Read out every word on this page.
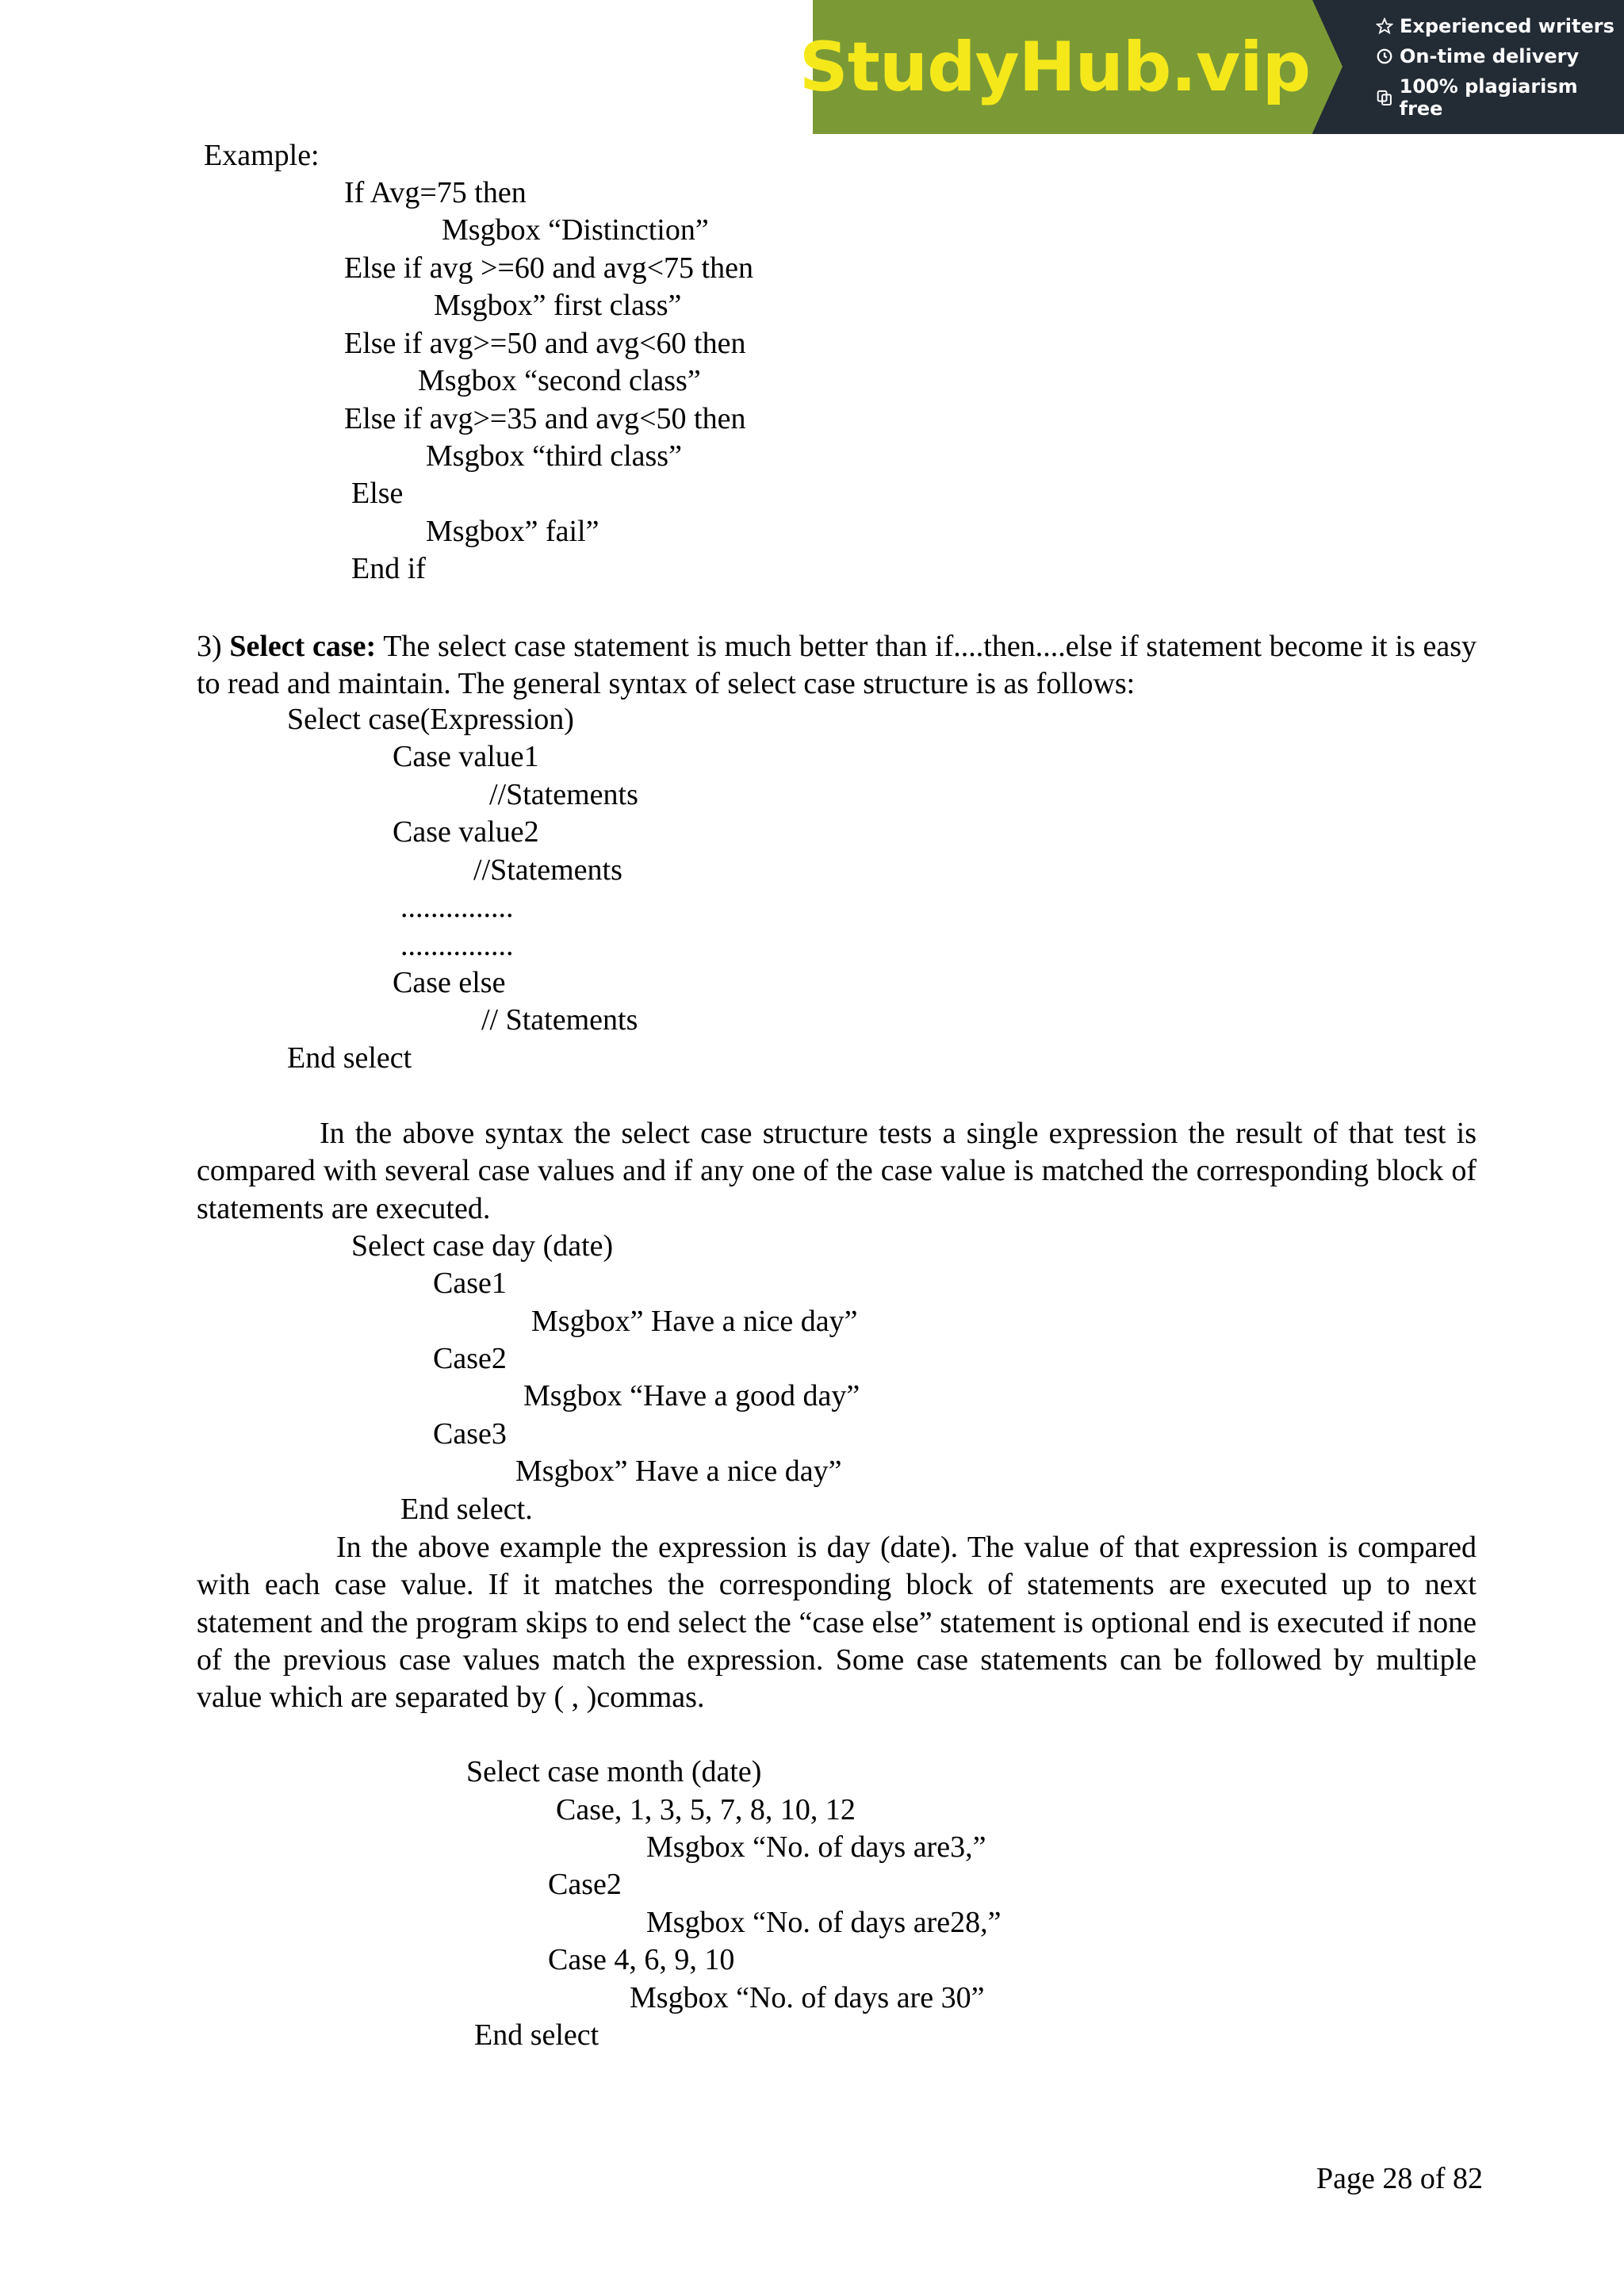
StudyHub.vip
Experienced writers
On-time delivery
100% plagiarism free
Example:
If Avg=75 then
Msgbox “Distinction”
Else if avg >=60 and avg<75 then
Msgbox” first class”
Else if avg>=50 and avg<60 then
Msgbox “second class”
Else if avg>=35 and avg<50 then
Msgbox “third class”
Else
Msgbox” fail”
End if
3) Select case: The select case statement is much better than if....then....else if statement become it is easy to read and maintain. The general syntax of select case structure is as follows:
Select case(Expression)
Case value1
//Statements
Case value2
//Statements
...............
...............
Case else
// Statements
End select
In the above syntax the select case structure tests a single expression the result of that test is compared with several case values and if any one of the case value is matched the corresponding block of statements are executed.
Select case day (date)
Case1
Msgbox” Have a nice day”
Case2
Msgbox “Have a good day”
Case3
Msgbox” Have a nice day”
End select.
In the above example the expression is day (date). The value of that expression is compared with each case value. If it matches the corresponding block of statements are executed up to next statement and the program skips to end select the “case else” statement is optional end is executed if none of the previous case values match the expression. Some case statements can be followed by multiple value which are separated by ( , )commas.
Select case month (date)
Case, 1, 3, 5, 7, 8, 10, 12
Msgbox “No. of days are3,”
Case2
Msgbox “No. of days are28,”
Case 4, 6, 9, 10
Msgbox “No. of days are 30”
End select
Page 28 of 82
